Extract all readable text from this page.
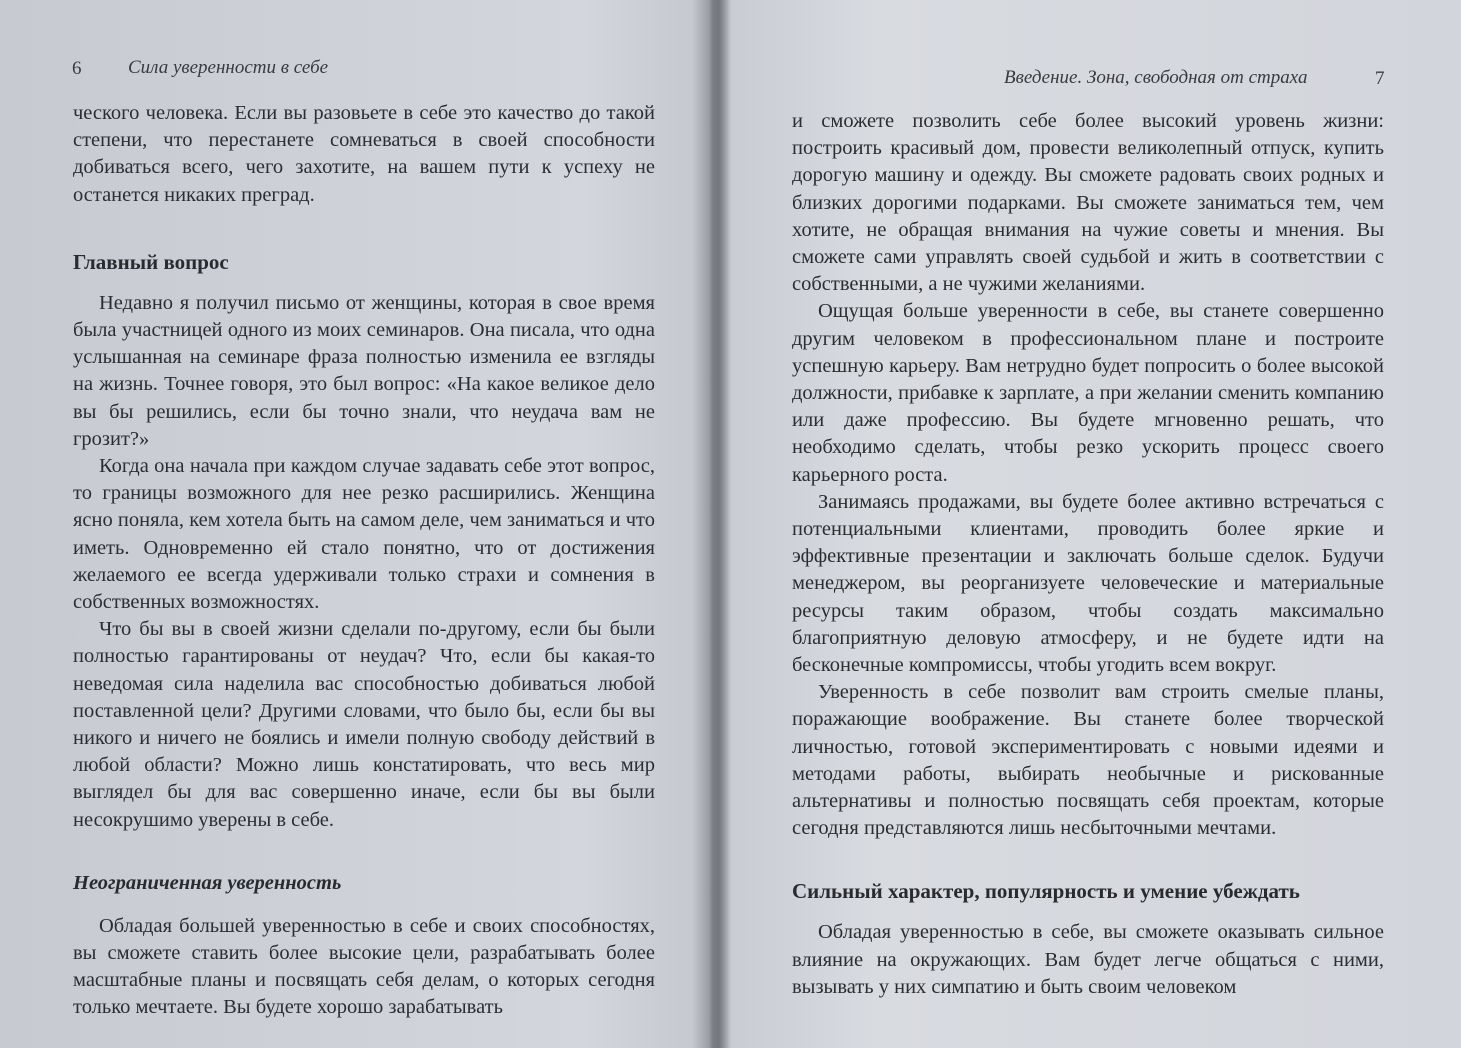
6 Сила уверенности в себе

ческого человека. Если вы разовьете в себе это качество до такой степени, что перестанете сомневаться в своей способности добиваться всего, чего захотите, на вашем пути к успеху не останется никаких преград.

Главный вопрос

Недавно я получил письмо от женщины, которая в свое время была участницей одного из моих семинаров. Она писала, что одна услышанная на семинаре фраза полностью изменила ее взгляды на жизнь. Точнее говоря, это был вопрос: «На какое великое дело вы бы решились, если бы точно знали, что неудача вам не грозит?»

Когда она начала при каждом случае задавать себе этот вопрос, то границы возможного для нее резко расширились. Женщина ясно поняла, кем хотела быть на самом деле, чем заниматься и что иметь. Одновременно ей стало понятно, что от достижения желаемого ее всегда удерживали только страхи и сомнения в собственных возможностях.

Что бы вы в своей жизни сделали по-другому, если бы были полностью гарантированы от неудач? Что, если бы какая-то неведомая сила наделила вас способностью добиваться любой поставленной цели? Другими словами, что было бы, если бы вы никого и ничего не боялись и имели полную свободу действий в любой области? Можно лишь констатировать, что весь мир выглядел бы для вас совершенно иначе, если бы вы были несокрушимо уверены в себе.

Неограниченная уверенность

Обладая большей уверенностью в себе и своих способностях, вы сможете ставить более высокие цели, разрабатывать более масштабные планы и посвящать себя делам, о которых сегодня только мечтаете. Вы будете хорошо зарабатывать

Введение. Зона, свободная от страха	7

и сможете позволить себе более высокий уровень жизни: построить красивый дом, провести великолепный отпуск, купить дорогую машину и одежду. Вы сможете радовать своих родных и близких дорогими подарками. Вы сможете заниматься тем, чем хотите, не обращая внимания на чужие советы и мнения. Вы сможете сами управлять своей судьбой и жить в соответствии с собственными, а не чужими желаниями.

Ощущая больше уверенности в себе, вы станете совершенно другим человеком в профессиональном плане и построите успешную карьеру. Вам нетрудно будет попросить о более высокой должности, прибавке к зарплате, а при желании сменить компанию или даже профессию. Вы будете мгновенно решать, что необходимо сделать, чтобы резко ускорить процесс своего карьерного роста.

Занимаясь продажами, вы будете более активно встречаться с потенциальными клиентами, проводить более яркие и эффективные презентации и заключать больше сделок. Будучи менеджером, вы реорганизуете человеческие и материальные ресурсы таким образом, чтобы создать максимально благоприятную деловую атмосферу, и не будете идти на бесконечные компромиссы, чтобы угодить всем вокруг.

Уверенность в себе позволит вам строить смелые планы, поражающие воображение. Вы станете более творческой личностью, готовой экспериментировать с новыми идеями и методами работы, выбирать необычные и рискованные альтернативы и полностью посвящать себя проектам, которые сегодня представляются лишь несбыточными мечтами.

Сильный характер, популярность и умение убеждать

Обладая уверенностью в себе, вы сможете оказывать сильное влияние на окружающих. Вам будет легче общаться с ними, вызывать у них симпатию и быть своим человеком
